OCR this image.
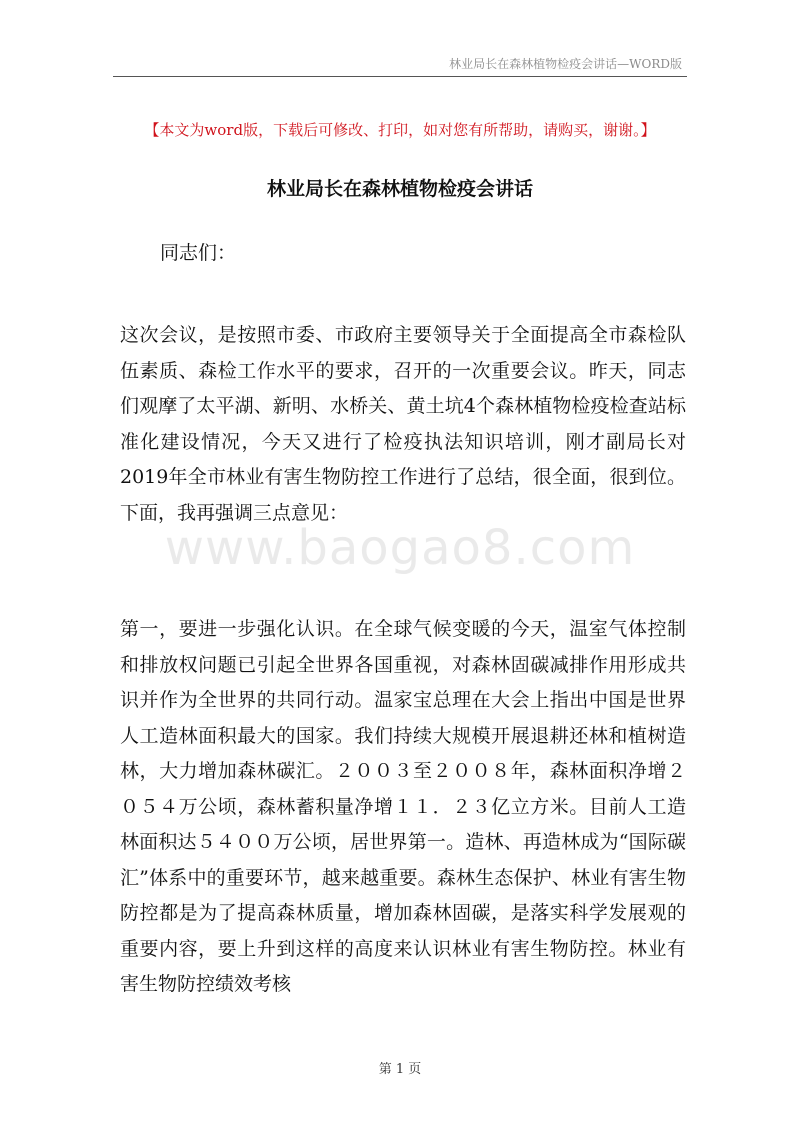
林业局长在森林植物检疫会讲话—WORD版
【本文为word版，下载后可修改、打印，如对您有所帮助，请购买，谢谢。】
林业局长在森林植物检疫会讲话
同志们：

这次会议，是按照市委、市政府主要领导关于全面提高全市森检队伍素质、森检工作水平的要求，召开的一次重要会议。昨天，同志们观摩了太平湖、新明、水桥关、黄土坑4个森林植物检疫检查站标准化建设情况，今天又进行了检疫执法知识培训，刚才副局长对2019年全市林业有害生物防控工作进行了总结，很全面，很到位。下面，我再强调三点意见：

www.baogao8.com

第一，要进一步强化认识。在全球气候变暖的今天，温室气体控制和排放权问题已引起全世界各国重视，对森林固碳减排作用形成共识并作为全世界的共同行动。温家宝总理在大会上指出中国是世界人工造林面积最大的国家。我们持续大规模开展退耕还林和植树造林，大力增加森林碳汇。２００３至２００８年，森林面积净增２０５４万公顷，森林蓄积量净增１１．２３亿立方米。目前人工造林面积达５４００万公顷，居世界第一。造林、再造林成为“国际碳汇”体系中的重要环节，越来越重要。森林生态保护、林业有害生物防控都是为了提高森林质量，增加森林固碳，是落实科学发展观的重要内容，要上升到这样的高度来认识林业有害生物防控。林业有害生物防控绩效考核

第 1 页
